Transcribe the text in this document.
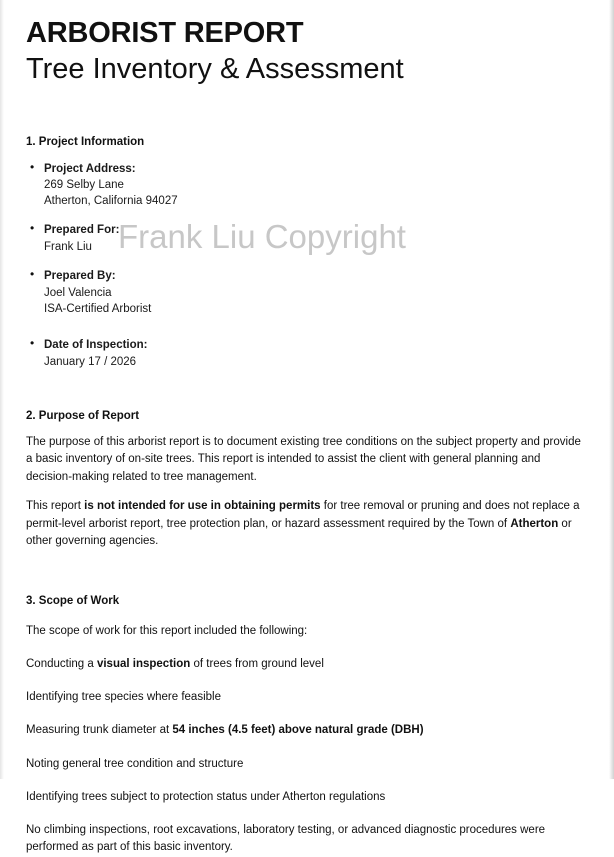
ARBORIST REPORT
Tree Inventory & Assessment
1. Project Information
• Project Address:
269 Selby Lane
Atherton, California 94027
• Prepared For:
Frank Liu
• Prepared By:
Joel Valencia
ISA-Certified Arborist
• Date of Inspection:
January 17 / 2026
2. Purpose of Report

The purpose of this arborist report is to document existing tree conditions on the subject property and provide a basic inventory of on-site trees. This report is intended to assist the client with general planning and decision-making related to tree management.

This report is not intended for use in obtaining permits for tree removal or pruning and does not replace a permit-level arborist report, tree protection plan, or hazard assessment required by the Town of Atherton or other governing agencies.

3. Scope of Work

The scope of work for this report included the following:

Conducting a visual inspection of trees from ground level

Identifying tree species where feasible

Measuring trunk diameter at 54 inches (4.5 feet) above natural grade (DBH)

Noting general tree condition and structure

Identifying trees subject to protection status under Atherton regulations

No climbing inspections, root excavations, laboratory testing, or advanced diagnostic procedures were performed as part of this basic inventory.

Frank Liu Copyright
